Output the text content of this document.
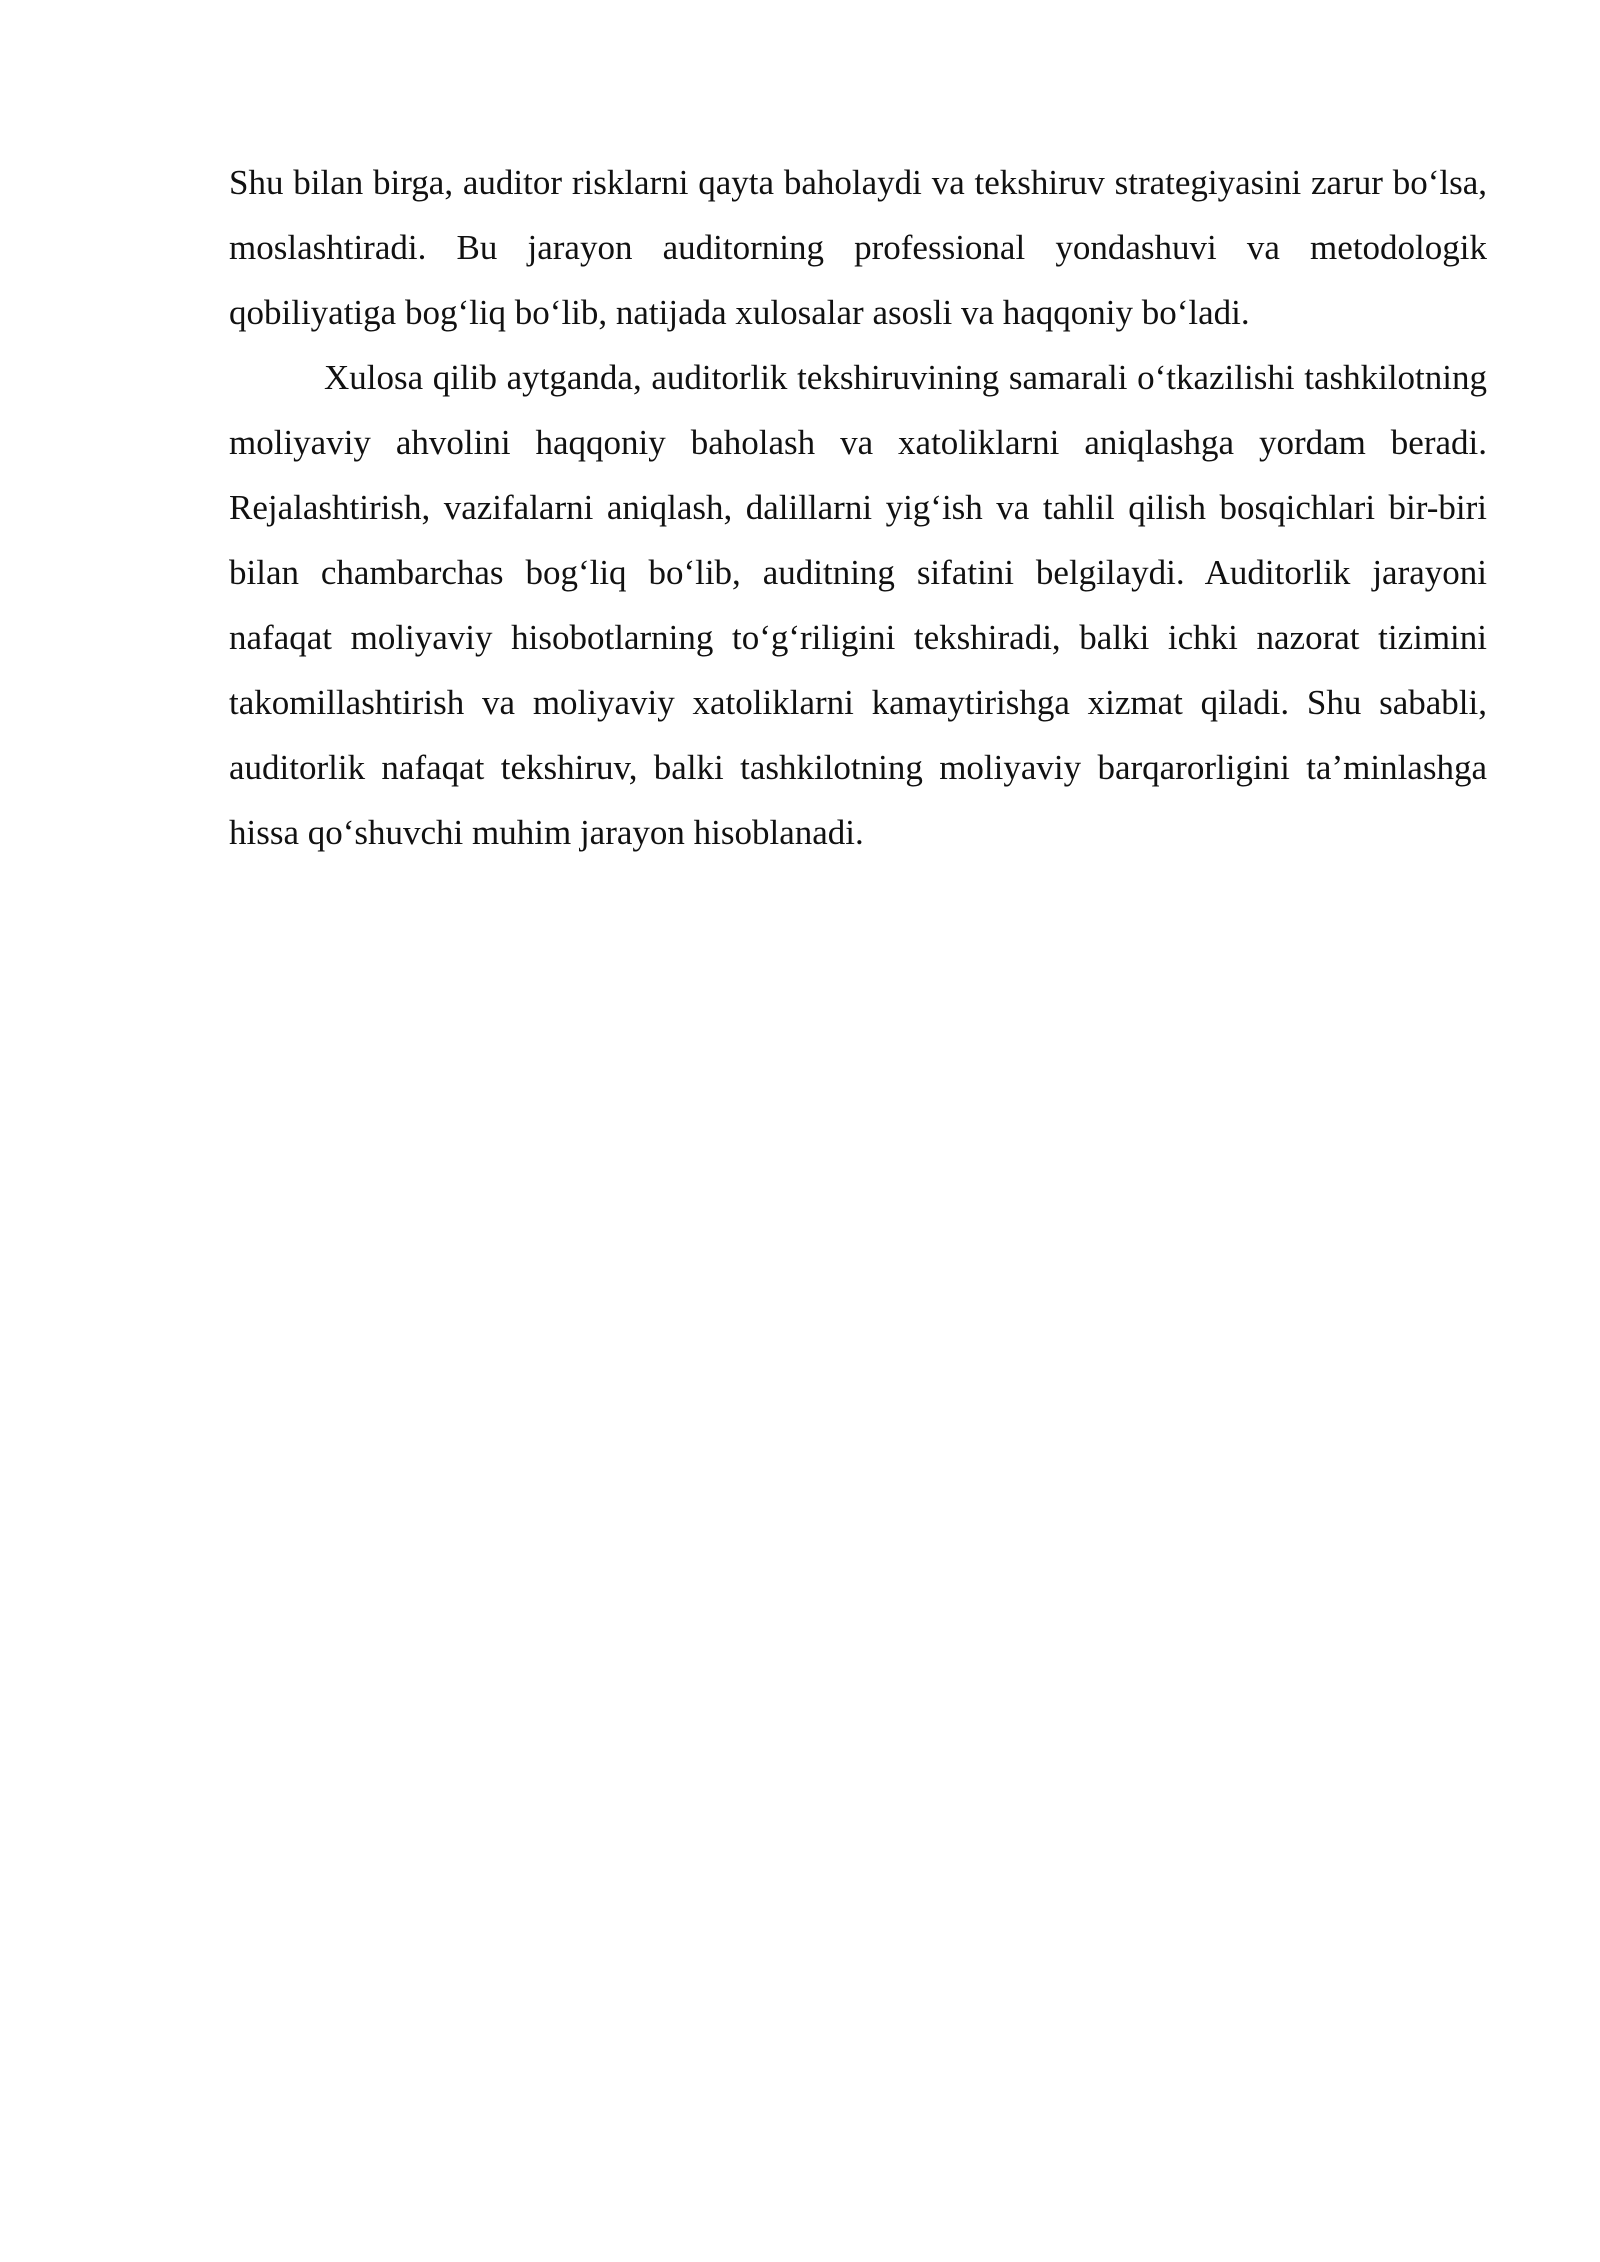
Shu bilan birga, auditor risklarni qayta baholaydi va tekshiruv strategiyasini zarur bo‘lsa, moslashtiradi. Bu jarayon auditorning professional yondashuvi va metodologik qobiliyatiga bog‘liq bo‘lib, natijada xulosalar asosli va haqqoniy bo‘ladi.

Xulosa qilib aytganda, auditorlik tekshiruvining samarali o‘tkazilishi tashkilotning moliyaviy ahvolini haqqoniy baholash va xatoliklarni aniqlashga yordam beradi. Rejalashtirish, vazifalarni aniqlash, dalillarni yig‘ish va tahlil qilish bosqichlari bir-biri bilan chambarchas bog‘liq bo‘lib, auditning sifatini belgilaydi. Auditorlik jarayoni nafaqat moliyaviy hisobotlarning to‘g‘riligini tekshiradi, balki ichki nazorat tizimini takomillashtirish va moliyaviy xatoliklarni kamaytirishga xizmat qiladi. Shu sababli, auditorlik nafaqat tekshiruv, balki tashkilotning moliyaviy barqarorligini ta’minlashga hissa qo‘shuvchi muhim jarayon hisoblanadi.
